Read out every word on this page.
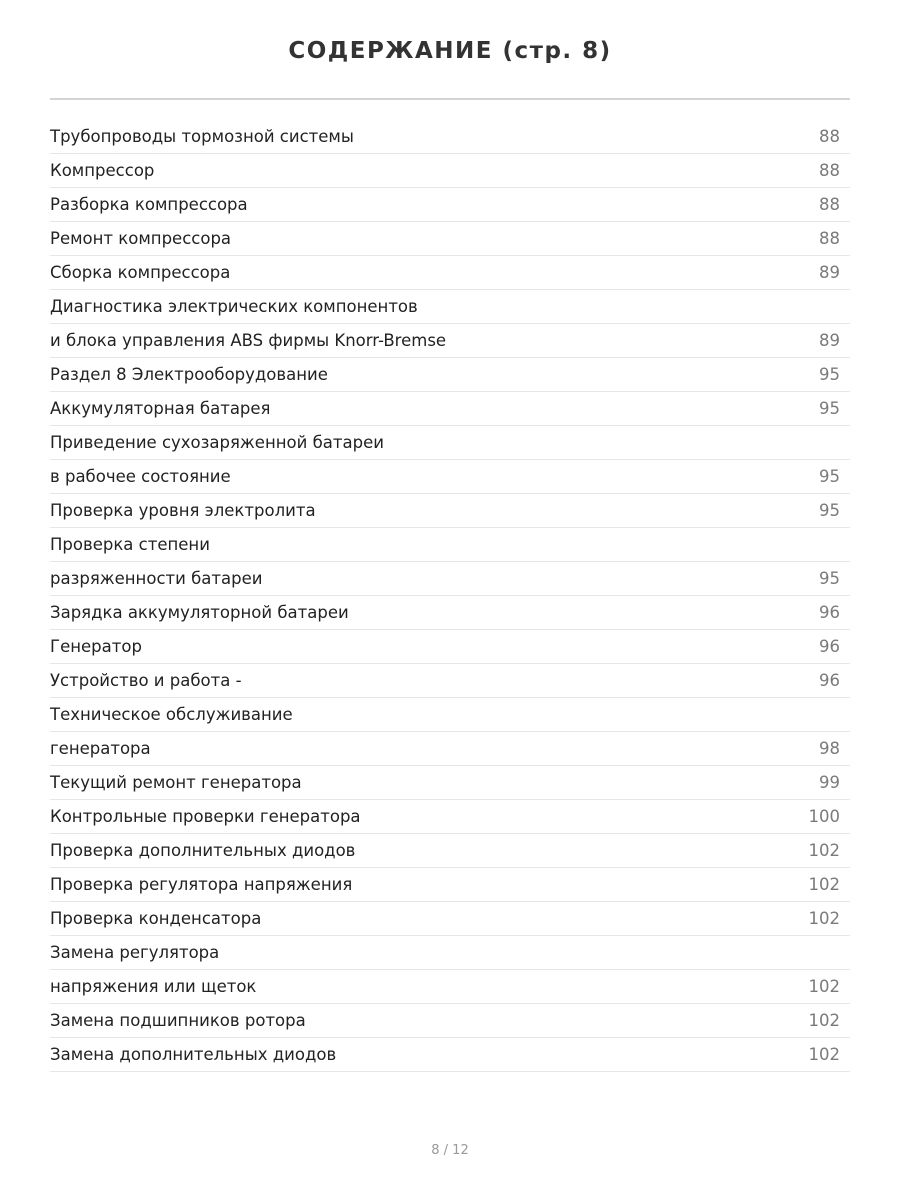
СОДЕРЖАНИЕ (стр. 8)
Трубопроводы тормозной системы	88
Компрессор	88
Разборка компрессора	88
Ремонт компрессора	88
Сборка компрессора	89
Диагностика электрических компонентов
и блока управления ABS фирмы Knorr-Bremse	89
Раздел 8 Электрооборудование	95
Аккумуляторная батарея	95
Приведение сухозаряженной батареи
в рабочее состояние	95
Проверка уровня электролита	95
Проверка степени
разряженности батареи	95
Зарядка аккумуляторной батареи	96
Генератор	96
Устройство и работа -	96
Техническое обслуживание
генератора	98
Текущий ремонт генератора	99
Контрольные проверки генератора	100
Проверка дополнительных диодов	102
Проверка регулятора напряжения	102
Проверка конденсатора	102
Замена регулятора
напряжения или щеток	102
Замена подшипников ротора	102
Замена дополнительных диодов	102
8 / 12
